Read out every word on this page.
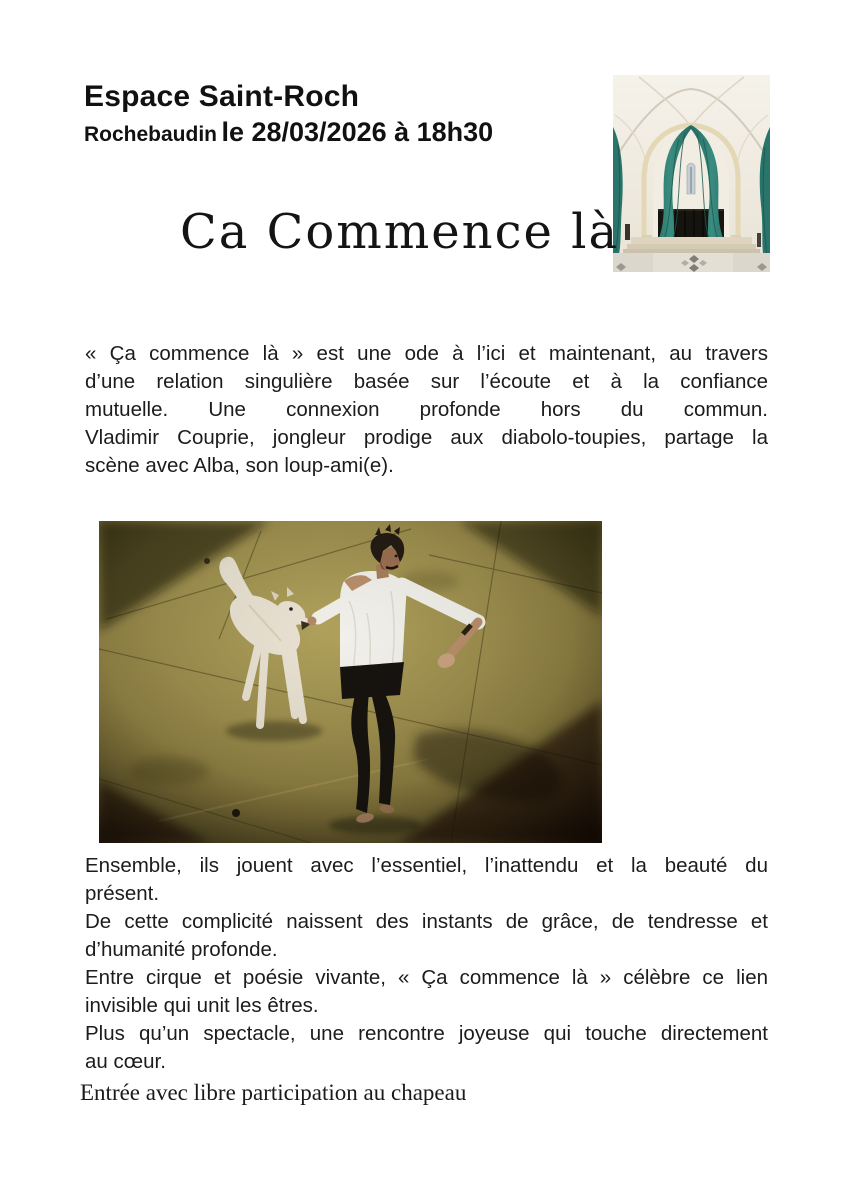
Espace Saint-Roch
Rochebaudin le 28/03/2026 à 18h30
Ca Commence là
« Ça commence là » est une ode à l’ici et maintenant, au travers
d’une relation singulière basée sur l’écoute et à la confiance
mutuelle. Une connexion profonde hors du commun.
Vladimir Couprie, jongleur prodige aux diabolo-toupies, partage la
scène avec Alba, son loup-ami(e).
Ensemble, ils jouent avec l’essentiel, l’inattendu et la beauté du
présent.
De cette complicité naissent des instants de grâce, de tendresse et
d’humanité profonde.
Entre cirque et poésie vivante, « Ça commence là » célèbre ce lien
invisible qui unit les êtres.
Plus qu’un spectacle, une rencontre joyeuse qui touche directement
au cœur.
Entrée avec libre participation au chapeau
